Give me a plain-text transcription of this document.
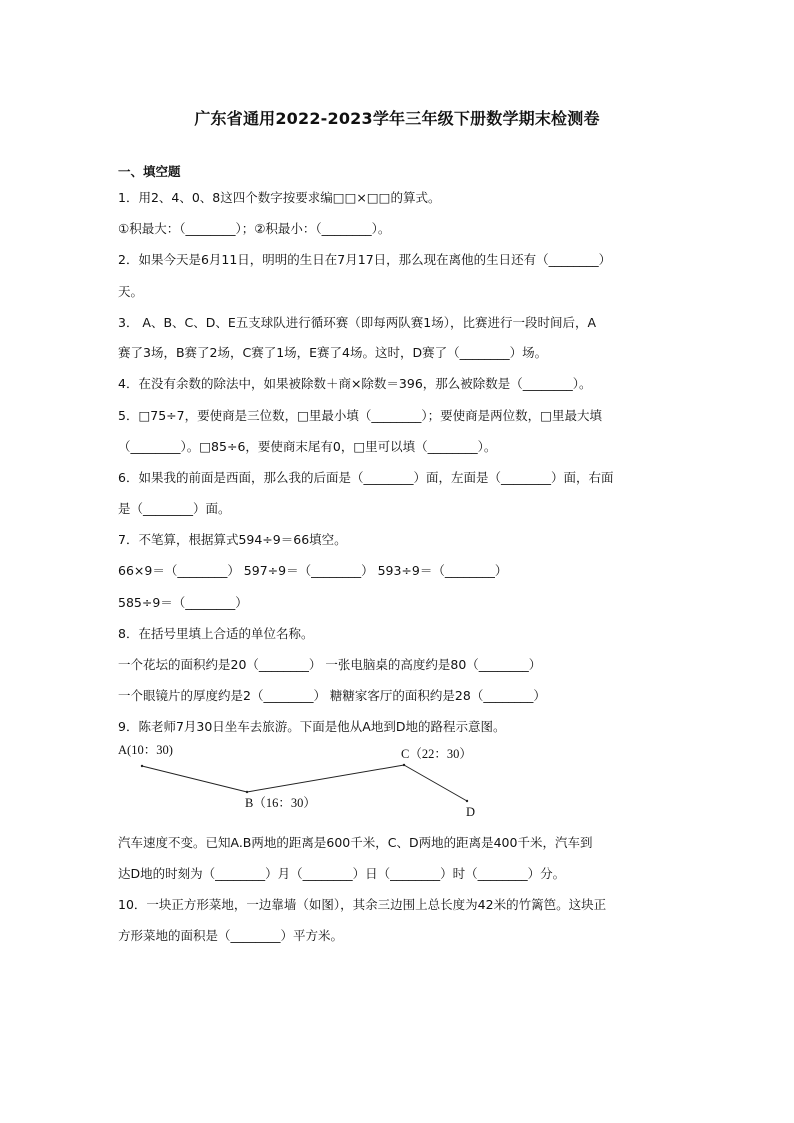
广东省通用2022-2023学年三年级下册数学期末检测卷
一、填空题
1．用2、4、0、8这四个数字按要求编□□×□□的算式。
①积最大：（________）；②积最小：（________）。
2．如果今天是6月11日，明明的生日在7月17日，那么现在离他的生日还有（________）
天。
3． A、B、C、D、E五支球队进行循环赛（即每两队赛1场），比赛进行一段时间后，A
赛了3场，B赛了2场，C赛了1场，E赛了4场。这时，D赛了（________）场。
4．在没有余数的除法中，如果被除数＋商×除数＝396，那么被除数是（________）。
5．□75÷7，要使商是三位数，□里最小填（________）；要使商是两位数，□里最大填
（________）。□85÷6，要使商末尾有0，□里可以填（________）。
6．如果我的前面是西面，那么我的后面是（________）面，左面是（________）面，右面
是（________）面。
7．不笔算，根据算式594÷9＝66填空。
66×9＝（________） 597÷9＝（________） 593÷9＝（________）
585÷9＝（________）
8．在括号里填上合适的单位名称。
一个花坛的面积约是20（________） 一张电脑桌的高度约是80（________）
一个眼镜片的厚度约是2（________） 糖糖家客厅的面积约是28（________）
9．陈老师7月30日坐车去旅游。下面是他从A地到D地的路程示意图。
A(10：30)
B（16：30）
C（22：30）
D
汽车速度不变。已知A.B两地的距离是600千米，C、D两地的距离是400千米，汽车到
达D地的时刻为（________）月（________）日（________）时（________）分。
10．一块正方形菜地，一边靠墙（如图），其余三边围上总长度为42米的竹篱笆。这块正
方形菜地的面积是（________）平方米。
